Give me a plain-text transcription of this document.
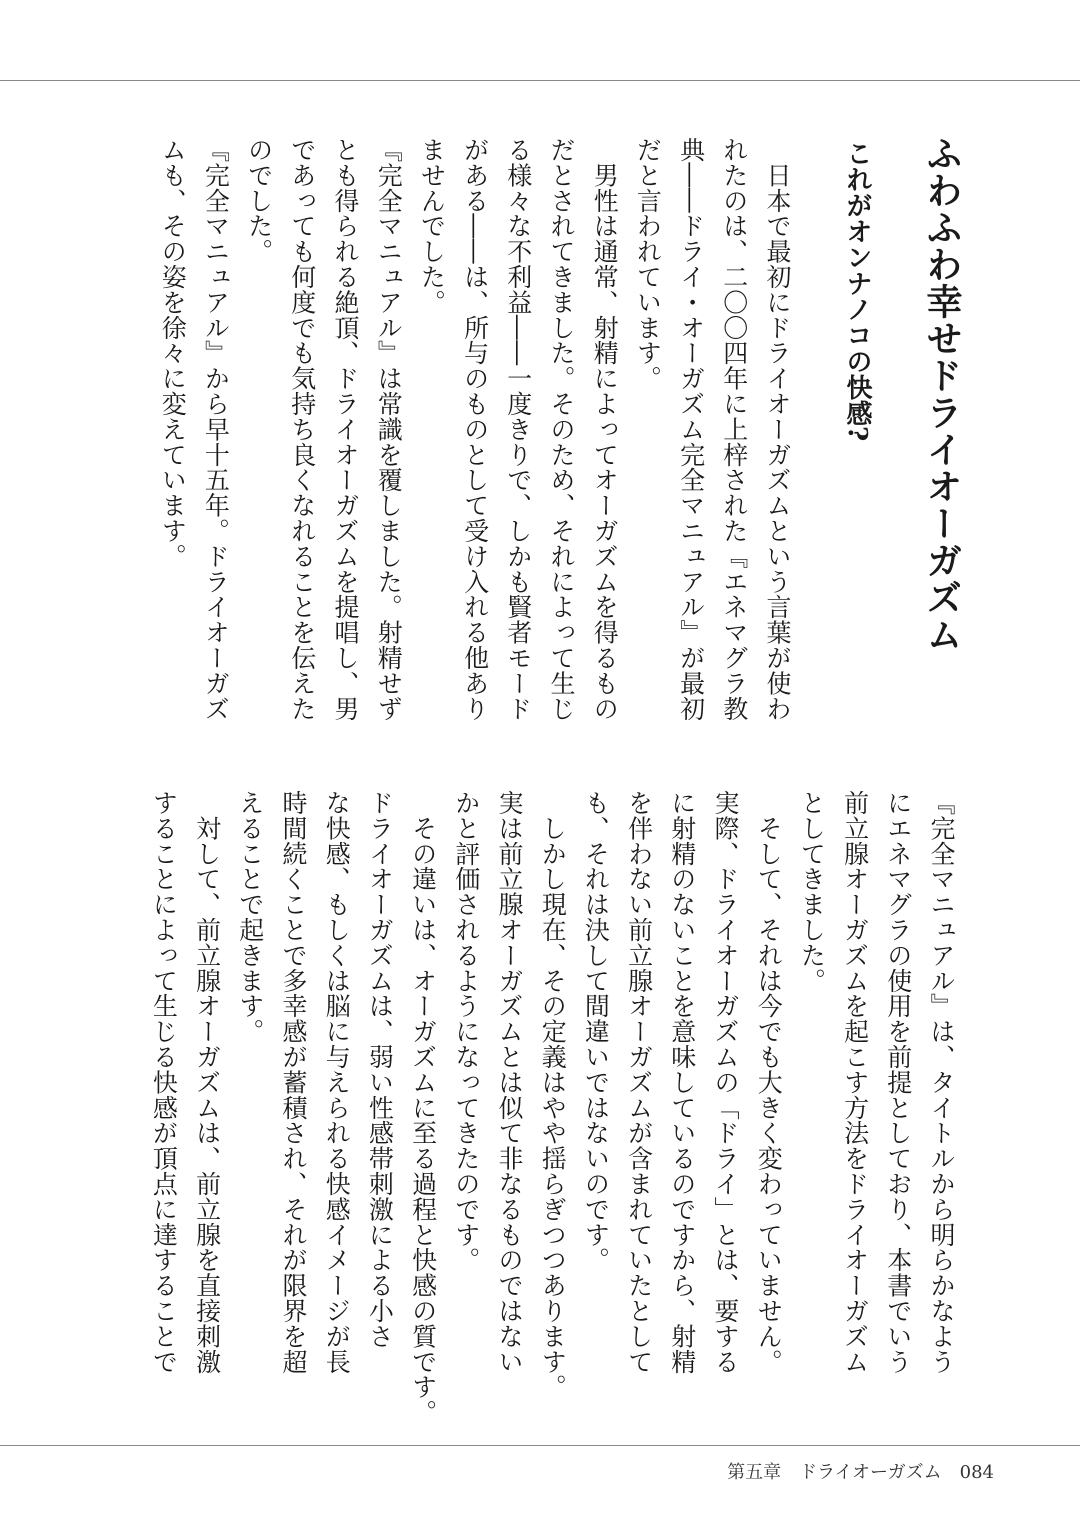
ふわふわ幸せドライオーガズム
これがオンナノコの快感?
　日本で最初にドライオーガズムという言葉が使わ
れたのは、二〇〇四年に上梓された『エネマグラ教
典――ドライ・オーガズム完全マニュアル』が最初
だと言われています。
　男性は通常、射精によってオーガズムを得るもの
だとされてきました。そのため、それによって生じ
る様々な不利益――一度きりで、しかも賢者モード
がある――は、所与のものとして受け入れる他あり
ませんでした。
『完全マニュアル』は常識を覆しました。射精せず
とも得られる絶頂、ドライオーガズムを提唱し、男
であっても何度でも気持ち良くなれることを伝えた
のでした。
『完全マニュアル』から早十五年。ドライオーガズ
ムも、その姿を徐々に変えています。
『完全マニュアル』は、タイトルから明らかなよう
にエネマグラの使用を前提としており、本書でいう
前立腺オーガズムを起こす方法をドライオーガズム
としてきました。
　そして、それは今でも大きく変わっていません。
実際、ドライオーガズムの「ドライ」とは、要する
に射精のないことを意味しているのですから、射精
を伴わない前立腺オーガズムが含まれていたとして
も、それは決して間違いではないのです。
　しかし現在、その定義はやや揺らぎつつあります。
実は前立腺オーガズムとは似て非なるものではない
かと評価されるようになってきたのです。
　その違いは、オーガズムに至る過程と快感の質です。
ドライオーガズムは、弱い性感帯刺激による小さ
な快感、もしくは脳に与えられる快感イメージが長
時間続くことで多幸感が蓄積され、それが限界を超
えることで起きます。
　対して、前立腺オーガズムは、前立腺を直接刺激
することによって生じる快感が頂点に達することで
第五章　ドライオーガズム　 084
